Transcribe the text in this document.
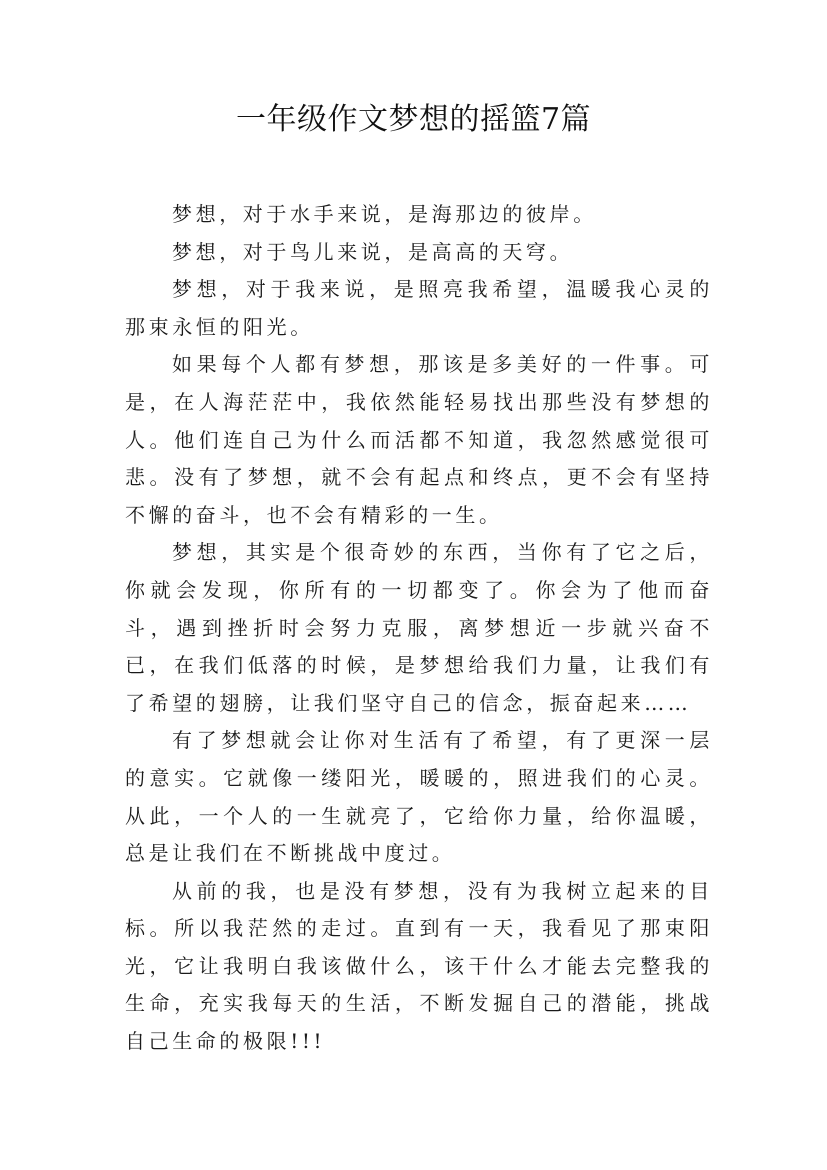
一年级作文梦想的摇篮7篇

梦想，对于水手来说，是海那边的彼岸。

梦想，对于鸟儿来说，是高高的天穹。

梦想，对于我来说，是照亮我希望，温暖我心灵的那束永恒的阳光。

如果每个人都有梦想，那该是多美好的一件事。可是，在人海茫茫中，我依然能轻易找出那些没有梦想的人。他们连自己为什么而活都不知道，我忽然感觉很可悲。没有了梦想，就不会有起点和终点，更不会有坚持不懈的奋斗，也不会有精彩的一生。

梦想，其实是个很奇妙的东西，当你有了它之后，你就会发现，你所有的一切都变了。你会为了他而奋斗，遇到挫折时会努力克服，离梦想近一步就兴奋不已，在我们低落的时候，是梦想给我们力量，让我们有了希望的翅膀，让我们坚守自己的信念，振奋起来……

有了梦想就会让你对生活有了希望，有了更深一层的意实。它就像一缕阳光，暖暖的，照进我们的心灵。从此，一个人的一生就亮了，它给你力量，给你温暖，总是让我们在不断挑战中度过。

从前的我，也是没有梦想，没有为我树立起来的目标。所以我茫然的走过。直到有一天，我看见了那束阳光，它让我明白我该做什么，该干什么才能去完整我的生命，充实我每天的生活，不断发掘自己的潜能，挑战自己生命的极限!!!
